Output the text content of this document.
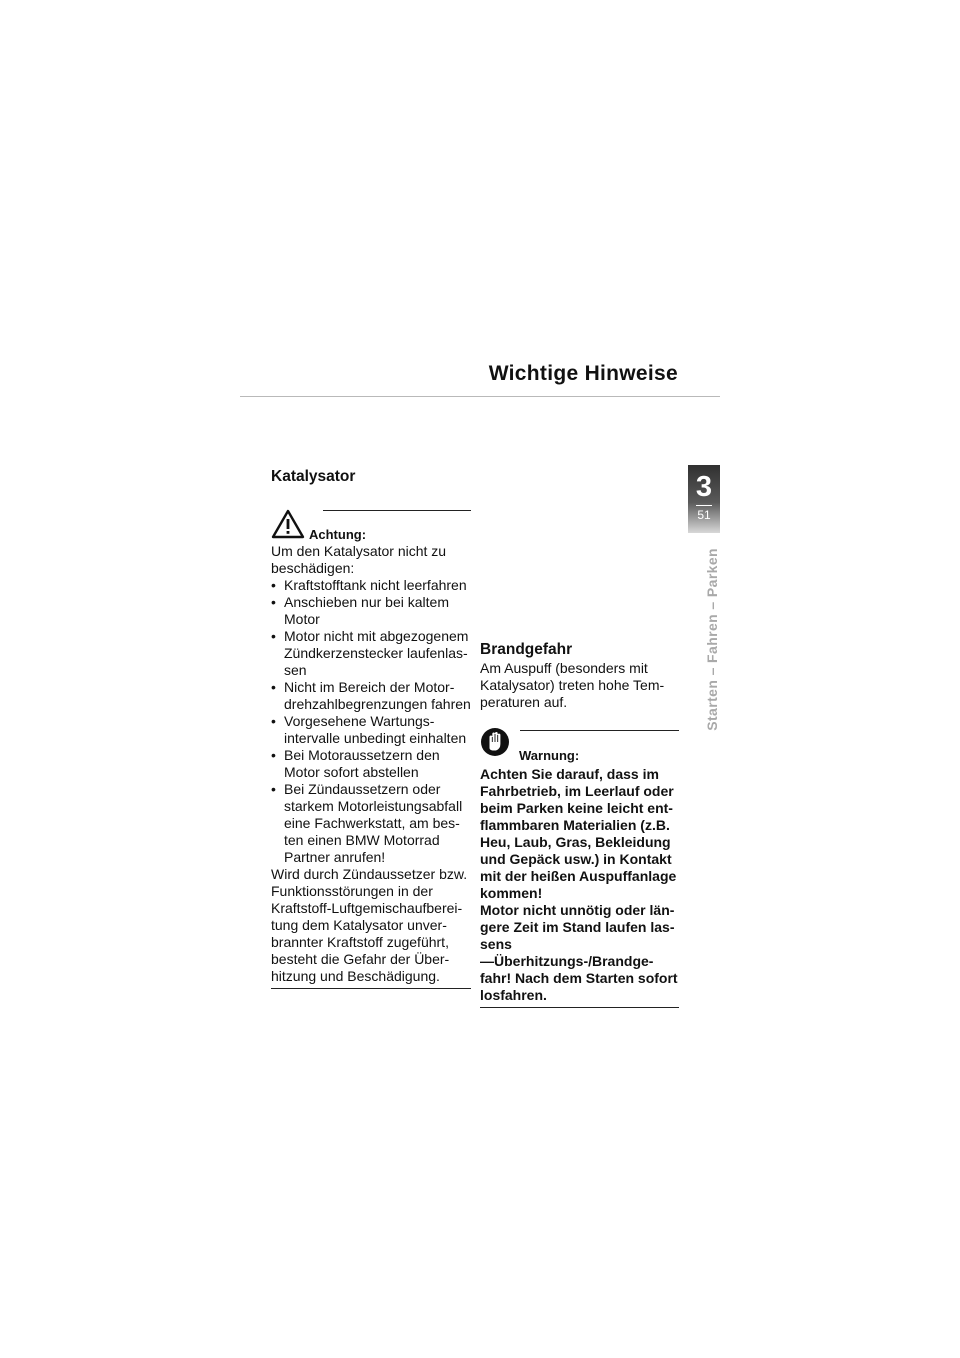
Wichtige Hinweise
3
51
Starten – Fahren – Parken
Katalysator
Achtung:

Um den Katalysator nicht zu beschädigen:

• Kraftstofftank nicht leerfahren
• Anschieben nur bei kaltem Motor
• Motor nicht mit abgezogenem Zündkerzenstecker laufenlas- sen
• Nicht im Bereich der Motor- drehzahlbegrenzungen fahren
• Vorgesehene Wartungs- intervalle unbedingt einhalten
• Bei Motoraussetzern den Motor sofort abstellen
• Bei Zündaussetzern oder starkem Motorleistungsabfall eine Fachwerkstatt, am bes- ten einen BMW Motorrad Partner anrufen!

Wird durch Zündaussetzer bzw. Funktionsstörungen in der Kraftstoff-Luftgemischaufberei- tung dem Katalysator unver- brannter Kraftstoff zugeführt, besteht die Gefahr der Über- hitzung und Beschädigung.

Brandgefahr

Am Auspuff (besonders mit Katalysator) treten hohe Tem- peraturen auf.

Warnung:

Achten Sie darauf, dass im Fahrbetrieb, im Leerlauf oder beim Parken keine leicht ent- flammbaren Materialien (z.B. Heu, Laub, Gras, Bekleidung und Gepäck usw.) in Kontakt mit der heißen Auspuffanlage kommen!

Motor nicht unnötig oder län- gere Zeit im Stand laufen las- sens

—Überhitzungs-/Brandge- fahr! Nach dem Starten sofort losfahren.
